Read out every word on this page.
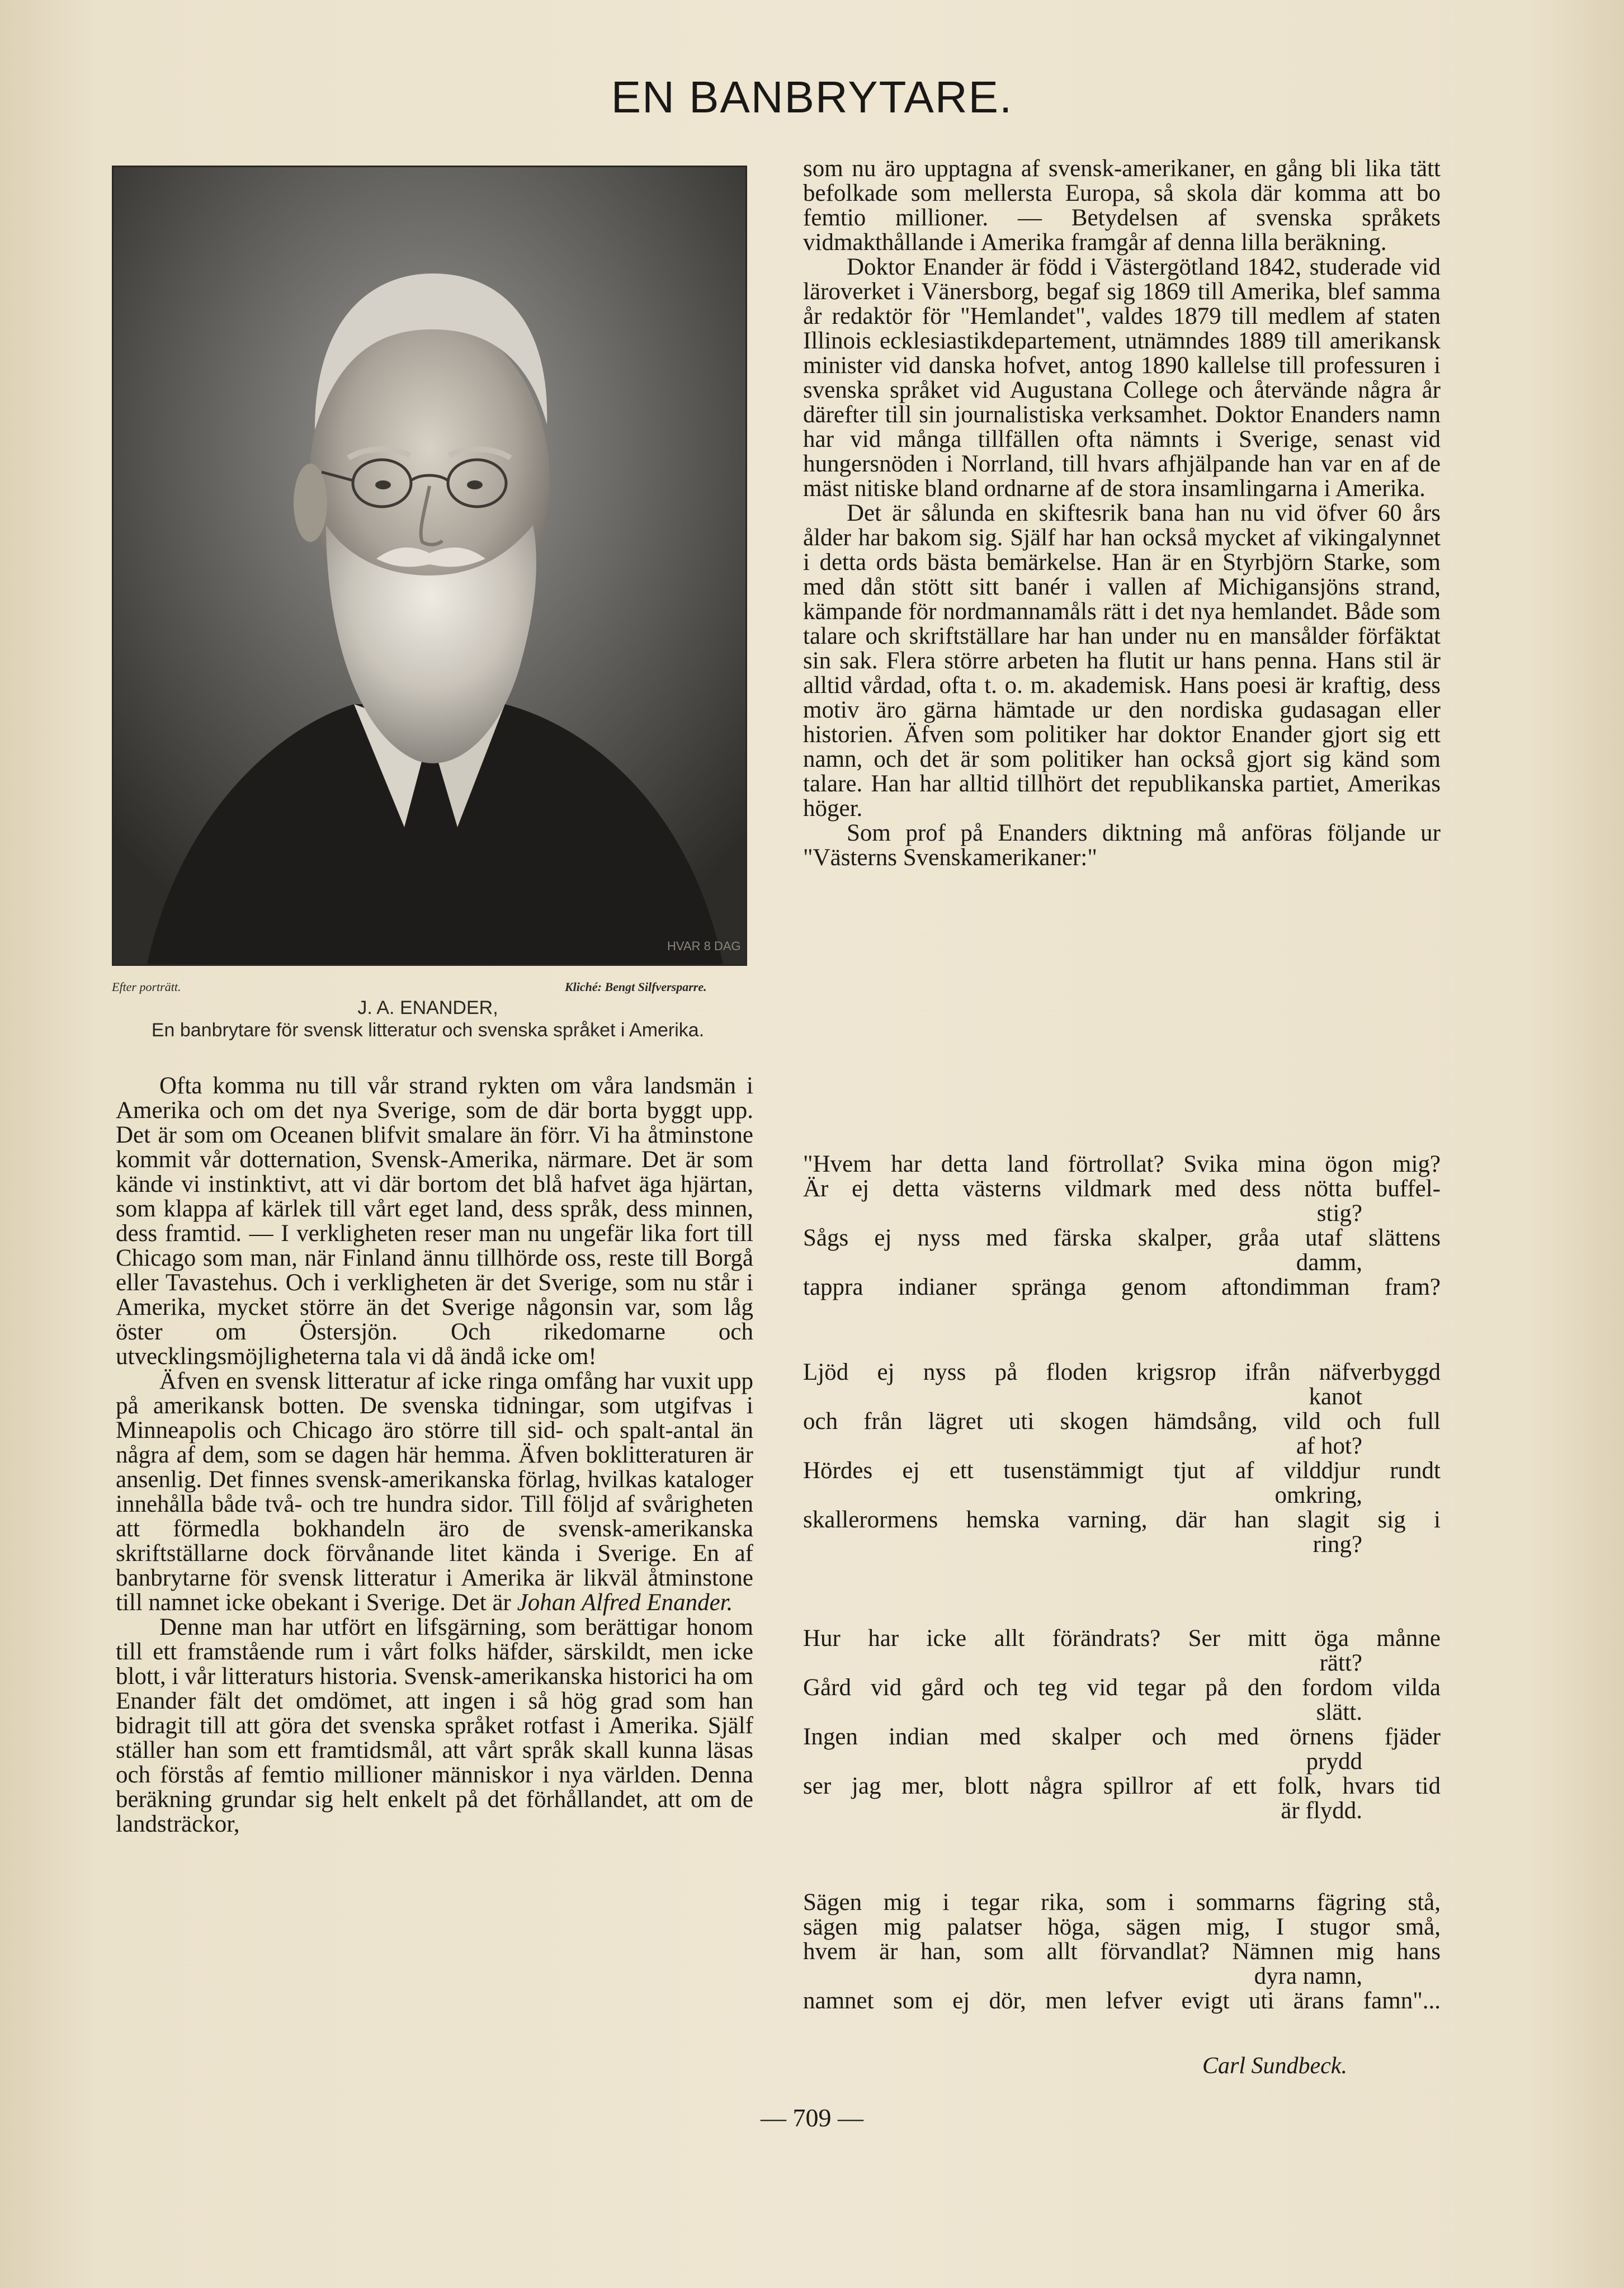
EN BANBRYTARE.
HVAR 8 DAG
Efter porträtt.	Kliché: Bengt Silfversparre.
J. A. ENANDER,
En banbrytare för svensk litteratur och svenska språket i Amerika.

Ofta komma nu till vår strand rykten om våra landsmän i Amerika och om det nya Sverige, som de där borta byggt upp. Det är som om Oceanen blifvit smalare än förr. Vi ha åtminstone kommit vår dotternation, Svensk-Amerika, närmare. Det är som kände vi instinktivt, att vi där bortom det blå hafvet äga hjärtan, som klappa af kärlek till vårt eget land, dess språk, dess minnen, dess framtid. — I verkligheten reser man nu ungefär lika fort till Chicago som man, när Finland ännu tillhörde oss, reste till Borgå eller Tavastehus. Och i verkligheten är det Sverige, som nu står i Amerika, mycket större än det Sverige någonsin var, som låg öster om Östersjön. Och rikedomarne och utvecklingsmöjligheterna tala vi då ändå icke om!

Äfven en svensk litteratur af icke ringa omfång har vuxit upp på amerikansk botten. De svenska tidningar, som utgifvas i Minneapolis och Chicago äro större till sid- och spalt-antal än några af dem, som se dagen här hemma. Äfven boklitteraturen är ansenlig. Det finnes svensk-amerikanska förlag, hvilkas kataloger innehålla både två- och tre hundra sidor. Till följd af svårigheten att förmedla bokhandeln äro de svensk-amerikanska skriftställarne dock förvånande litet kända i Sverige. En af banbrytarne för svensk litteratur i Amerika är likväl åtminstone till namnet icke obekant i Sverige. Det är Johan Alfred Enander.

Denne man har utfört en lifsgärning, som berättigar honom till ett framstående rum i vårt folks häfder, särskildt, men icke blott, i vår litteraturs historia. Svensk-amerikanska historici ha om Enander fält det omdömet, att ingen i så hög grad som han bidragit till att göra det svenska språket rotfast i Amerika. Själf ställer han som ett framtidsmål, att vårt språk skall kunna läsas och förstås af femtio millioner människor i nya världen. Denna beräkning grundar sig helt enkelt på det förhållandet, att om de landsträckor,

som nu äro upptagna af svensk-amerikaner, en gång bli lika tätt befolkade som mellersta Europa, så skola där komma att bo femtio millioner. — Betydelsen af svenska språkets vidmakthållande i Amerika framgår af denna lilla beräkning.

Doktor Enander är född i Västergötland 1842, studerade vid läroverket i Vänersborg, begaf sig 1869 till Amerika, blef samma år redaktör för "Hemlandet", valdes 1879 till medlem af staten Illinois ecklesiastikdepartement, utnämndes 1889 till amerikansk minister vid danska hofvet, antog 1890 kallelse till professuren i svenska språket vid Augustana College och återvände några år därefter till sin journalistiska verksamhet. Doktor Enanders namn har vid många tillfällen ofta nämnts i Sverige, senast vid hungersnöden i Norrland, till hvars afhjälpande han var en af de mäst nitiske bland ordnarne af de stora insamlingarna i Amerika.

Det är sålunda en skiftesrik bana han nu vid öfver 60 års ålder har bakom sig. Själf har han också mycket af vikingalynnet i detta ords bästa bemärkelse. Han är en Styrbjörn Starke, som med dån stött sitt banér i vallen af Michigansjöns strand, kämpande för nordmannamåls rätt i det nya hemlandet. Både som talare och skriftställare har han under nu en mansålder förfäktat sin sak. Flera större arbeten ha flutit ur hans penna. Hans stil är alltid vårdad, ofta t. o. m. akademisk. Hans poesi är kraftig, dess motiv äro gärna hämtade ur den nordiska gudasagan eller historien. Äfven som politiker har doktor Enander gjort sig ett namn, och det är som politiker han också gjort sig känd som talare. Han har alltid tillhört det republikanska partiet, Amerikas höger.

Som prof på Enanders diktning må anföras följande ur "Västerns Svenskamerikaner:"

"Hvem har detta land förtrollat? Svika mina ögon mig?
Är ej detta västerns vildmark med dess nötta buffel-
stig?
Sågs ej nyss med färska skalper, gråa utaf slättens
damm,
tappra indianer spränga genom aftondimman fram?
Ljöd ej nyss på floden krigsrop ifrån näfverbyggd
kanot
och från lägret uti skogen hämdsång, vild och full
af hot?
Hördes ej ett tusenstämmigt tjut af vilddjur rundt
omkring,
skallerormens hemska varning, där han slagit sig i
ring?
Hur har icke allt förändrats? Ser mitt öga månne
rätt?
Gård vid gård och teg vid tegar på den fordom vilda
slätt.
Ingen indian med skalper och med örnens fjäder
prydd
ser jag mer, blott några spillror af ett folk, hvars tid
är flydd.
Sägen mig i tegar rika, som i sommarns fägring stå,
sägen mig palatser höga, sägen mig, I stugor små,
hvem är han, som allt förvandlat? Nämnen mig hans
dyra namn,
namnet som ej dör, men lefver evigt uti ärans famn"...
Carl Sundbeck.
— 709 —
